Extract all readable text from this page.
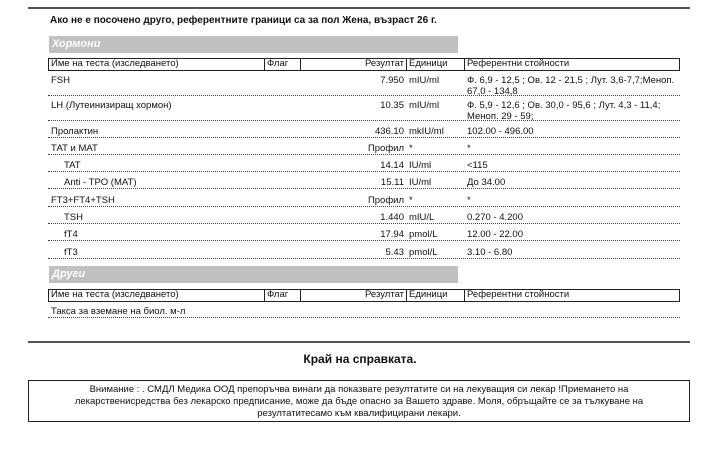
Ако не е посочено друго, референтните граници са за пол Жена, възраст 26 г.
Хормони
Име на теста (изследването)	Флаг	Резултат Единици	Референтни стойности
FSH	7.950 mIU/ml	Ф. 6,9 - 12,5 ; Ов. 12 - 21,5 ; Лут. 3,6-7,7;Меноп. 67,0 - 134,8
LH (Лутеинизиращ хормон)	10.35 mIU/ml	Ф. 5,9 - 12,6 ; Ов. 30,0 - 95,6 ; Лут. 4,3 - 11,4; Меноп. 29 - 59;
Пролактин	436.10 mkIU/ml	102.00 - 496.00
ТАТ и МАТ	Профил *	*
TAT	14.14 IU/ml	<115
Anti - TPO (MAT)	15.11 IU/ml	До 34.00
FT3+FT4+TSH	Профил *	*
TSH	1.440 mIU/L	0.270 - 4.200
fT4	17.94 pmol/L	12.00 - 22.00
fT3	5.43 pmol/L	3.10 - 6.80
Други
Име на теста (изследването)	Флаг	Резултат Единици	Референтни стойности
Такса за вземане на биол. м-л
Край на справката.
Внимание : . СМДЛ Медика ООД препоръчва винаги да показвате резултатите си на лекуващия си лекар !Приемането на лекарственисредства без лекарско предписание, може да бъде опасно за Вашето здраве. Моля, обръщайте се за тълкуване на резултатитесамо към квалифицирани лекари.
